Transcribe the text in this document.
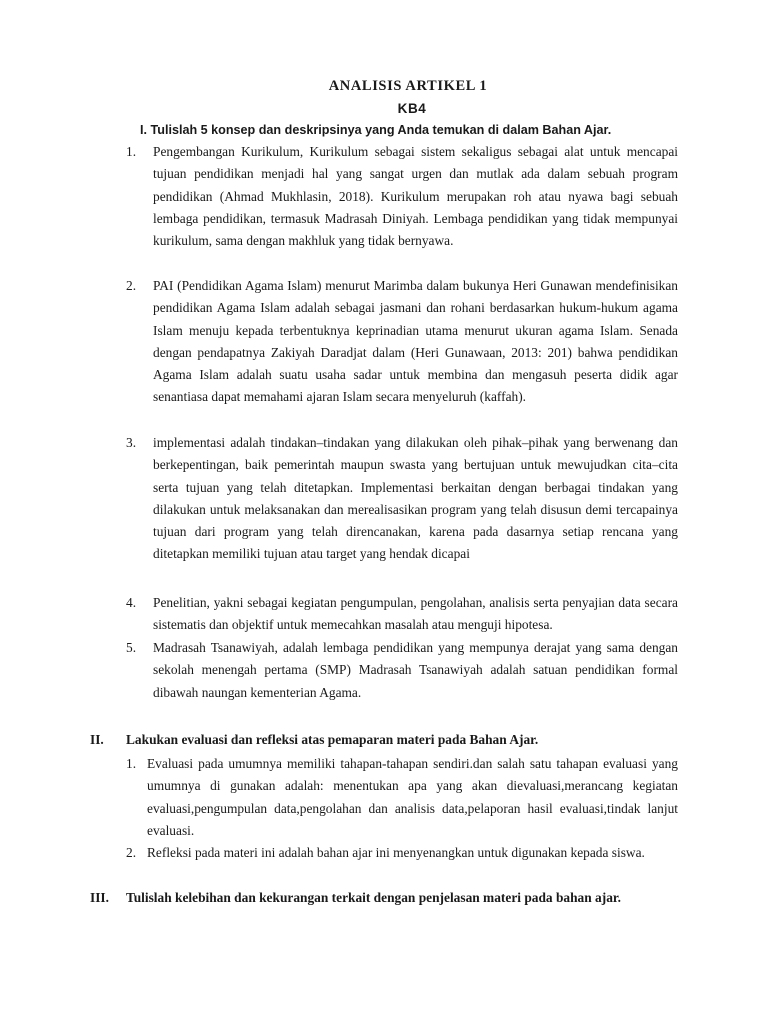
ANALISIS ARTIKEL 1
KB4
I. Tulislah 5 konsep dan deskripsinya yang Anda temukan di dalam Bahan Ajar.
1. Pengembangan Kurikulum, Kurikulum sebagai sistem sekaligus sebagai alat untuk mencapai tujuan pendidikan menjadi hal yang sangat urgen dan mutlak ada dalam sebuah program pendidikan (Ahmad Mukhlasin, 2018). Kurikulum merupakan roh atau nyawa bagi sebuah lembaga pendidikan, termasuk Madrasah Diniyah. Lembaga pendidikan yang tidak mempunyai kurikulum, sama dengan makhluk yang tidak bernyawa.
2. PAI (Pendidikan Agama Islam) menurut Marimba dalam bukunya Heri Gunawan mendefinisikan pendidikan Agama Islam adalah sebagai jasmani dan rohani berdasarkan hukum-hukum agama Islam menuju kepada terbentuknya keprinadian utama menurut ukuran agama Islam. Senada dengan pendapatnya Zakiyah Daradjat dalam (Heri Gunawaan, 2013: 201) bahwa pendidikan Agama Islam adalah suatu usaha sadar untuk membina dan mengasuh peserta didik agar senantiasa dapat memahami ajaran Islam secara menyeluruh (kaffah).
3. implementasi adalah tindakan–tindakan yang dilakukan oleh pihak–pihak yang berwenang dan berkepentingan, baik pemerintah maupun swasta yang bertujuan untuk mewujudkan cita–cita serta tujuan yang telah ditetapkan. Implementasi berkaitan dengan berbagai tindakan yang dilakukan untuk melaksanakan dan merealisasikan program yang telah disusun demi tercapainya tujuan dari program yang telah direncanakan, karena pada dasarnya setiap rencana yang ditetapkan memiliki tujuan atau target yang hendak dicapai
4. Penelitian, yakni sebagai kegiatan pengumpulan, pengolahan, analisis serta penyajian data secara sistematis dan objektif untuk memecahkan masalah atau menguji hipotesa.
5. Madrasah Tsanawiyah, adalah lembaga pendidikan yang mempunya derajat yang sama dengan sekolah menengah pertama (SMP) Madrasah Tsanawiyah adalah satuan pendidikan formal dibawah naungan kementerian Agama.
II. Lakukan evaluasi dan refleksi atas pemaparan materi pada Bahan Ajar.
1. Evaluasi pada umumnya memiliki tahapan-tahapan sendiri.dan salah satu tahapan evaluasi yang umumnya di gunakan adalah: menentukan apa yang akan dievaluasi,merancang kegiatan evaluasi,pengumpulan data,pengolahan dan analisis data,pelaporan hasil evaluasi,tindak lanjut evaluasi.
2. Refleksi pada materi ini adalah bahan ajar ini menyenangkan untuk digunakan kepada siswa.
III. Tulislah kelebihan dan kekurangan terkait dengan penjelasan materi pada bahan ajar.
